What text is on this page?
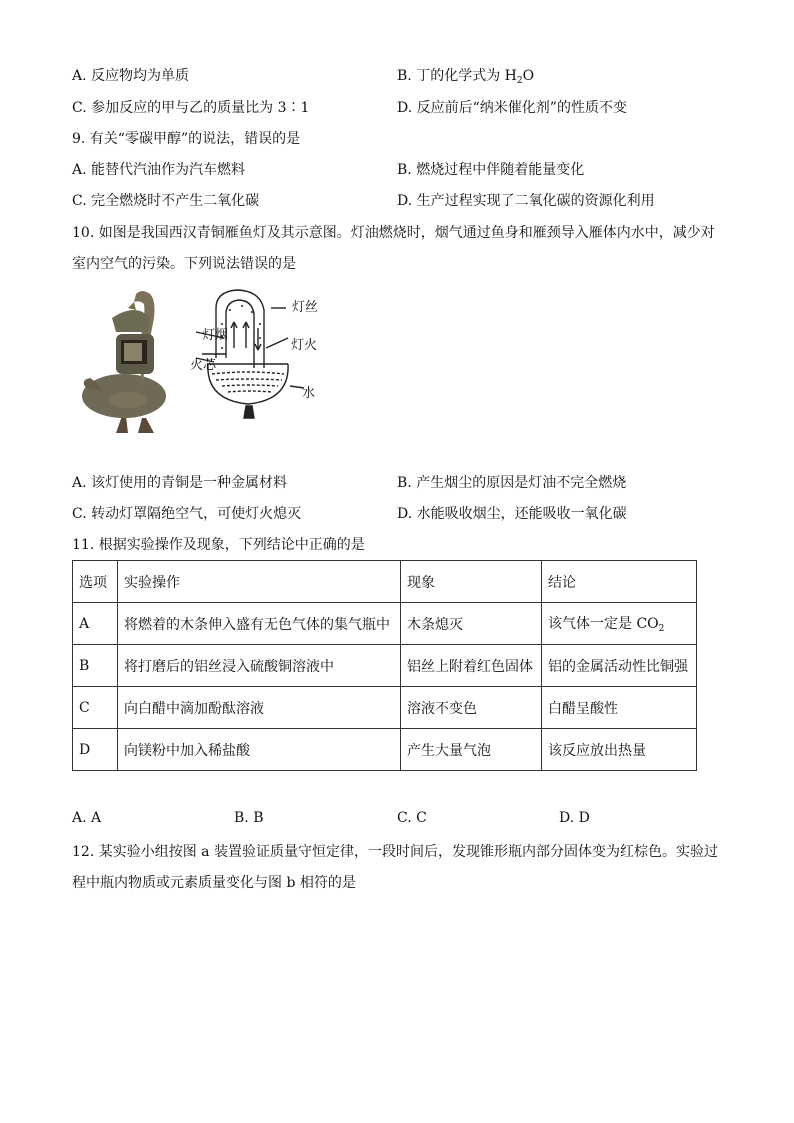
A. 反应物均为单质	B. 丁的化学式为 $H_2O$
C. 参加反应的甲与乙的质量比为 3∶1	D. 反应前后“纳米催化剂”的性质不变
9. 有关“零碳甲醇”的说法，错误的是
A. 能替代汽油作为汽车燃料	B. 燃烧过程中伴随着能量变化
C. 完全燃烧时不产生二氧化碳	D. 生产过程实现了二氧化碳的资源化利用
10. 如图是我国西汉青铜雁鱼灯及其示意图。灯油燃烧时，烟气通过鱼身和雁颈导入雁体内水中，减少对
室内空气的污染。下列说法错误的是
灯丝
灯烟
灯火
火芯
水
A. 该灯使用的青铜是一种金属材料	B. 产生烟尘的原因是灯油不完全燃烧
C. 转动灯罩隔绝空气，可使灯火熄灭	D. 水能吸收烟尘，还能吸收一氧化碳
11. 根据实验操作及现象，下列结论中正确的是
选项	实验操作	现象	结论
A	将燃着的木条伸入盛有无色气体的集气瓶中	木条熄灭	该气体一定是 $CO_2$
B	将打磨后的铝丝浸入硫酸铜溶液中	铝丝上附着红色固体	铝的金属活动性比铜强
C	向白醋中滴加酚酞溶液	溶液不变色	白醋呈酸性
D	向镁粉中加入稀盐酸	产生大量气泡	该反应放出热量
A. A	B. B	C. C	D. D
12. 某实验小组按图 a 装置验证质量守恒定律，一段时间后，发现锥形瓶内部分固体变为红棕色。实验过
程中瓶内物质或元素质量变化与图 b 相符的是
